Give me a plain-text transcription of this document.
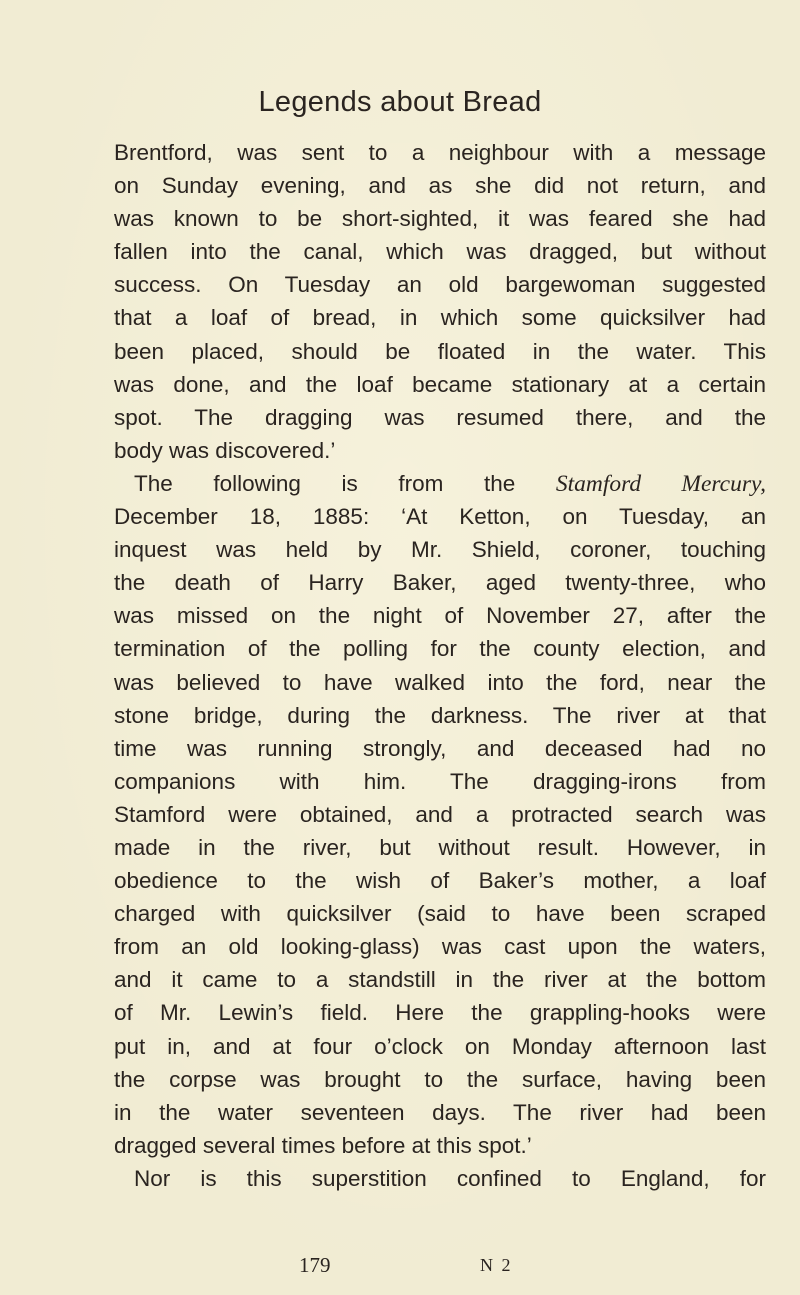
Legends about Bread
Brentford, was sent to a neighbour with a message
on Sunday evening, and as she did not return, and
was known to be short-sighted, it was feared she had
fallen into the canal, which was dragged, but without
success. On Tuesday an old bargewoman suggested
that a loaf of bread, in which some quicksilver had
been placed, should be floated in the water. This
was done, and the loaf became stationary at a certain
spot. The dragging was resumed there, and the
body was discovered.’
The following is from the Stamford Mercury,
December 18, 1885: ‘At Ketton, on Tuesday, an
inquest was held by Mr. Shield, coroner, touching
the death of Harry Baker, aged twenty-three, who
was missed on the night of November 27, after the
termination of the polling for the county election, and
was believed to have walked into the ford, near the
stone bridge, during the darkness. The river at that
time was running strongly, and deceased had no
companions with him. The dragging-irons from
Stamford were obtained, and a protracted search was
made in the river, but without result. However, in
obedience to the wish of Baker’s mother, a loaf
charged with quicksilver (said to have been scraped
from an old looking-glass) was cast upon the waters,
and it came to a standstill in the river at the bottom
of Mr. Lewin’s field. Here the grappling-hooks were
put in, and at four o’clock on Monday afternoon last
the corpse was brought to the surface, having been
in the water seventeen days. The river had been
dragged several times before at this spot.’
Nor is this superstition confined to England, for
179	N 2
